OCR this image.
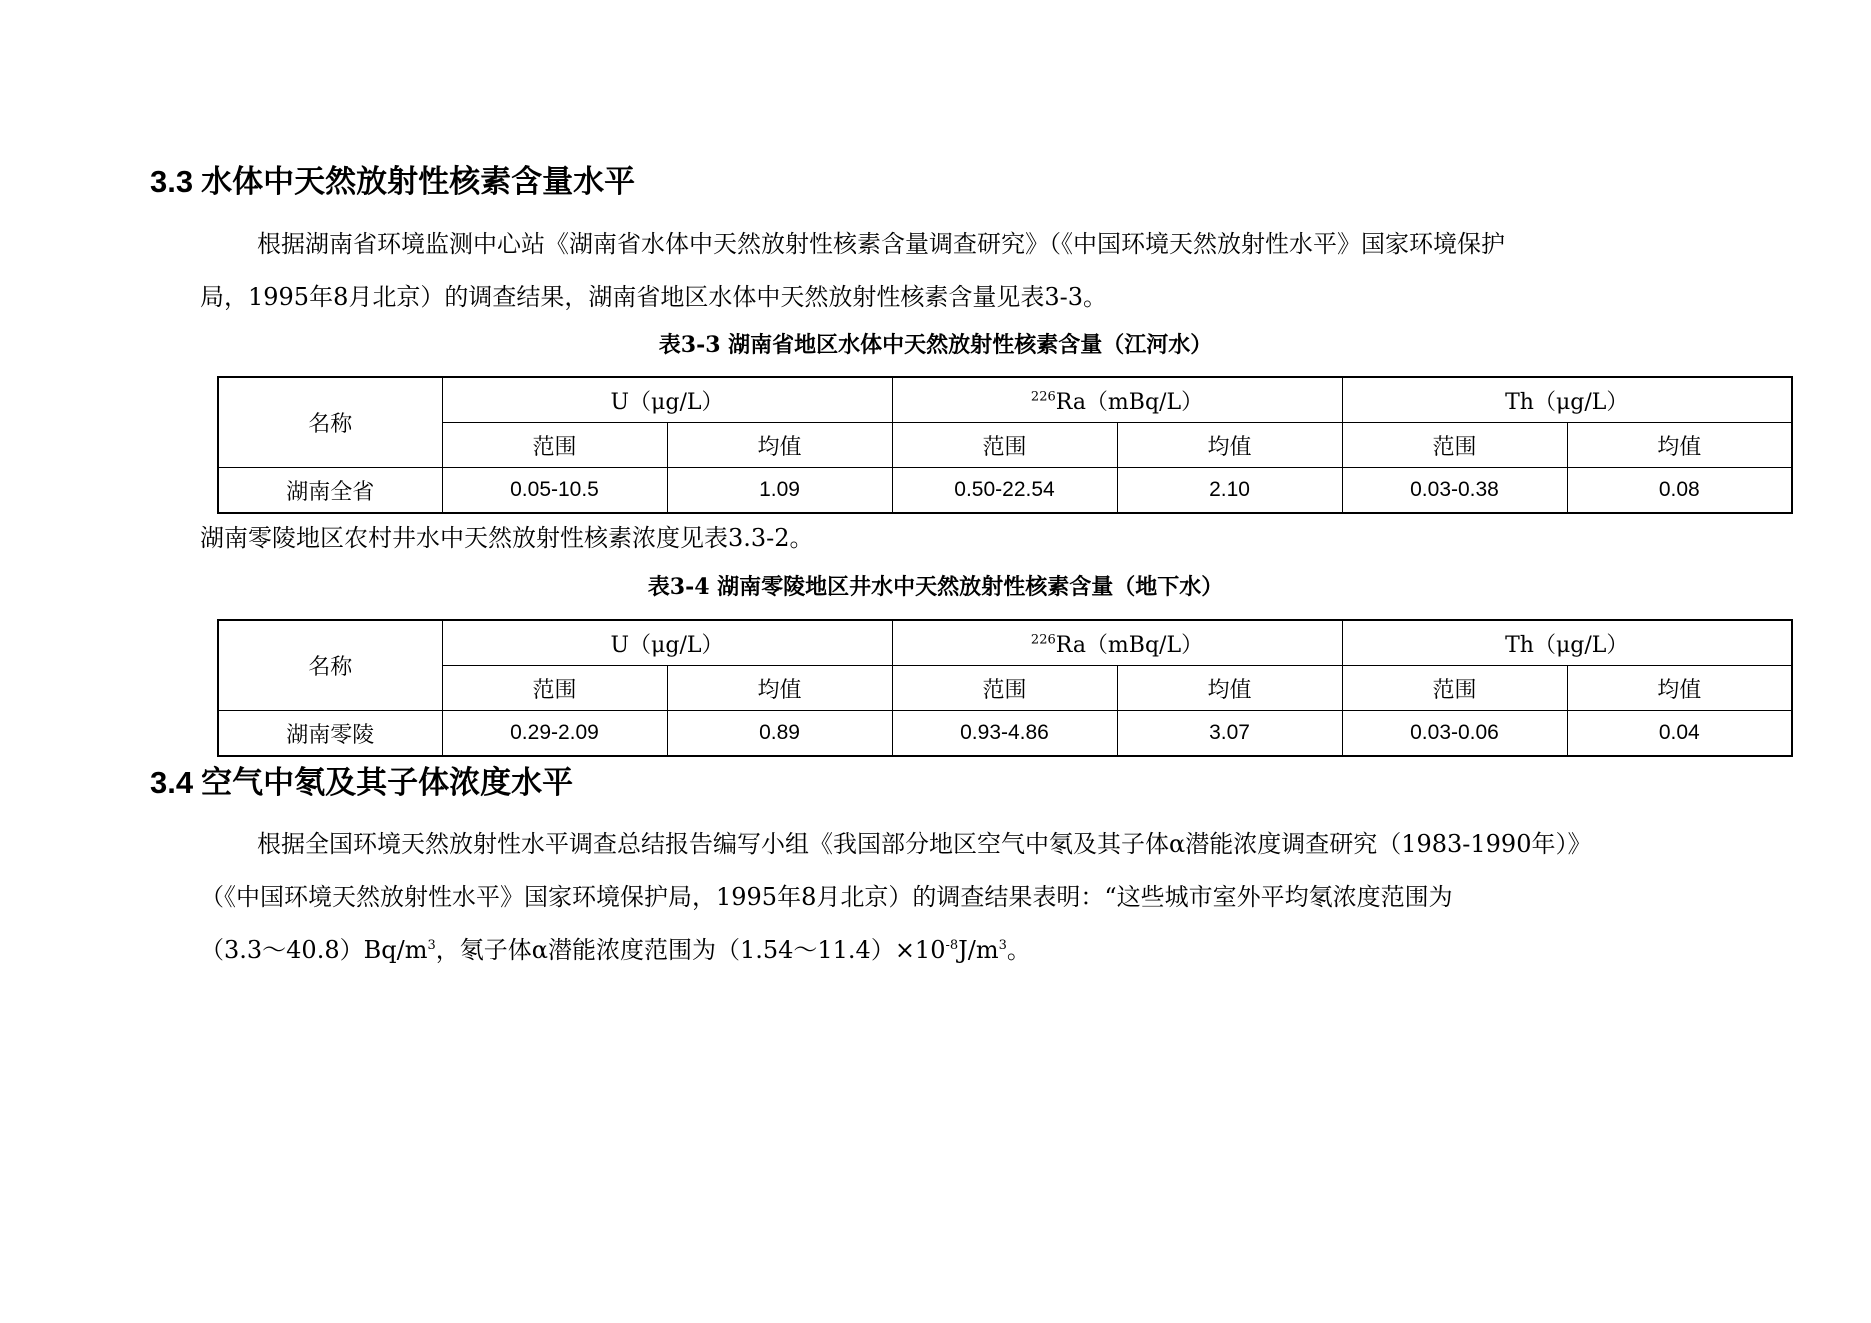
3.3 水体中天然放射性核素含量水平
根据湖南省环境监测中心站《湖南省水体中天然放射性核素含量调查研究》（《中国环境天然放射性水平》国家环境保护
局，1995年8月北京）的调查结果，湖南省地区水体中天然放射性核素含量见表3-3。
表3-3 湖南省地区水体中天然放射性核素含量（江河水）
名称	U（μg/L）		$^{226}$Ra（mBq/L）		Th（μg/L）	
	范围	均值	范围	均值	范围	均值
湖南全省	0.05-10.5	1.09	0.50-22.54	2.10	0.03-0.38	0.08
湖南零陵地区农村井水中天然放射性核素浓度见表3.3-2。
表3-4 湖南零陵地区井水中天然放射性核素含量（地下水）
名称	U（μg/L）		$^{226}$Ra（mBq/L）		Th（μg/L）	
	范围	均值	范围	均值	范围	均值
湖南零陵	0.29-2.09	0.89	0.93-4.86	3.07	0.03-0.06	0.04
3.4 空气中氡及其子体浓度水平
根据全国环境天然放射性水平调查总结报告编写小组《我国部分地区空气中氡及其子体α潜能浓度调查研究（1983-1990年）》
（《中国环境天然放射性水平》国家环境保护局，1995年8月北京）的调查结果表明：“这些城市室外平均氡浓度范围为
$(3.3\sim 40.8)Bq/m^3$，氡子体α潜能浓度范围为$(1.54\sim 11.4)\times 10^{-8}J/m^3$。
